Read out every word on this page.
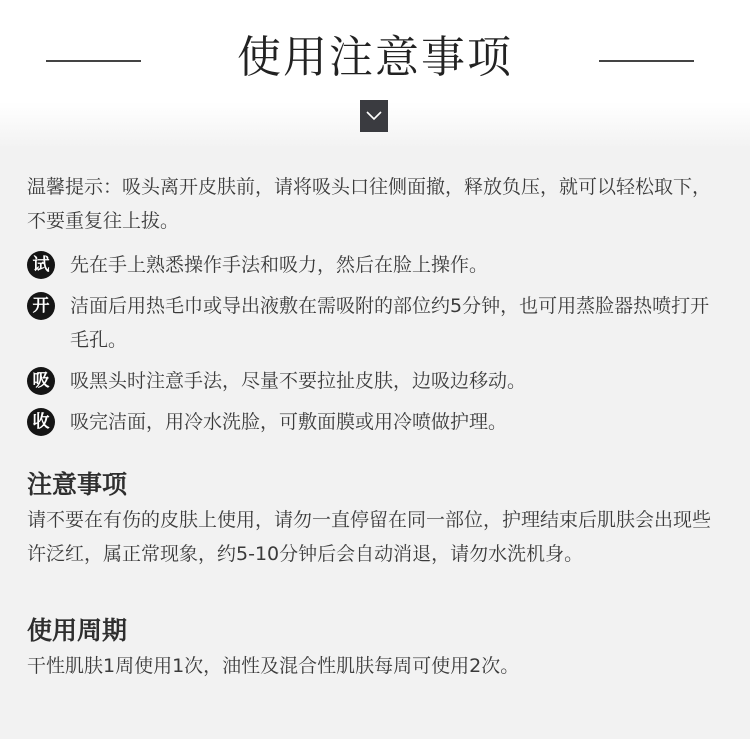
使用注意事项

温馨提示：吸头离开皮肤前，请将吸头口往侧面撤，释放负压，就可以轻松取下，不要重复往上拔。

试 先在手上熟悉操作手法和吸力，然后在脸上操作。

开 洁面后用热毛巾或导出液敷在需吸附的部位约5分钟，也可用蒸脸器热喷打开毛孔。

吸 吸黑头时注意手法，尽量不要拉扯皮肤，边吸边移动。

收 吸完洁面，用冷水洗脸，可敷面膜或用冷喷做护理。

注意事项

请不要在有伤的皮肤上使用，请勿一直停留在同一部位，护理结束后肌肤会出现些许泛红，属正常现象，约5-10分钟后会自动消退，请勿水洗机身。

使用周期

干性肌肤1周使用1次，油性及混合性肌肤每周可使用2次。
